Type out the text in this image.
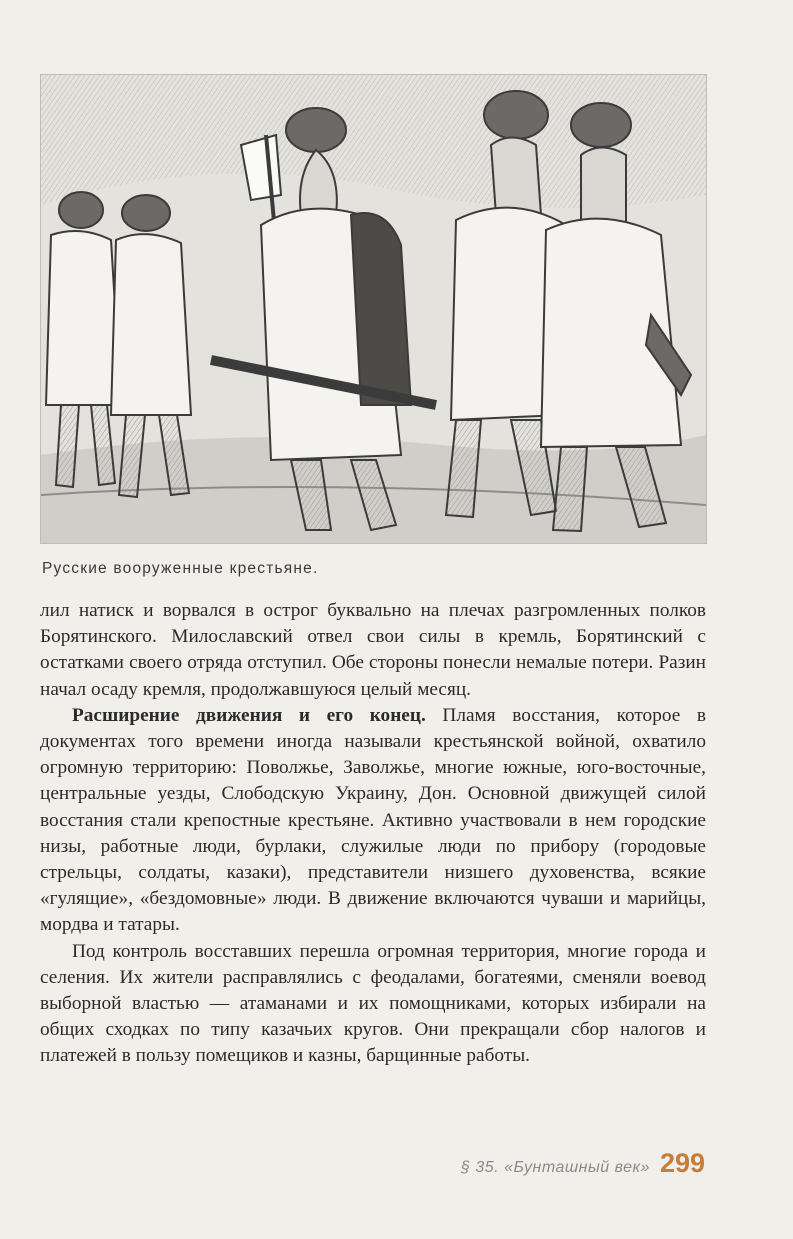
Русские вооруженные крестьяне.

лил натиск и ворвался в острог буквально на плечах разгромленных полков Борятинского. Милославский отвел свои силы в кремль, Борятинский с остатками своего отряда отступил. Обе стороны понесли немалые потери. Разин начал осаду кремля, продолжавшуюся целый месяц.

Расширение движения и его конец. Пламя восстания, которое в документах того времени иногда называли крестьянской войной, охватило огромную территорию: Поволжье, Заволжье, многие южные, юго-восточные, центральные уезды, Слободскую Украину, Дон. Основной движущей силой восстания стали крепостные крестьяне. Активно участвовали в нем городские низы, работные люди, бурлаки, служилые люди по прибору (городовые стрельцы, солдаты, казаки), представители низшего духовенства, всякие «гулящие», «бездомовные» люди. В движение включаются чуваши и марийцы, мордва и татары.

Под контроль восставших перешла огромная территория, многие города и селения. Их жители расправлялись с феодалами, богатеями, сменяли воевод выборной властью — атаманами и их помощниками, которых избирали на общих сходках по типу казачьих кругов. Они прекращали сбор налогов и платежей в пользу помещиков и казны, барщинные работы.

§ 35. «Бунташный век» 299
